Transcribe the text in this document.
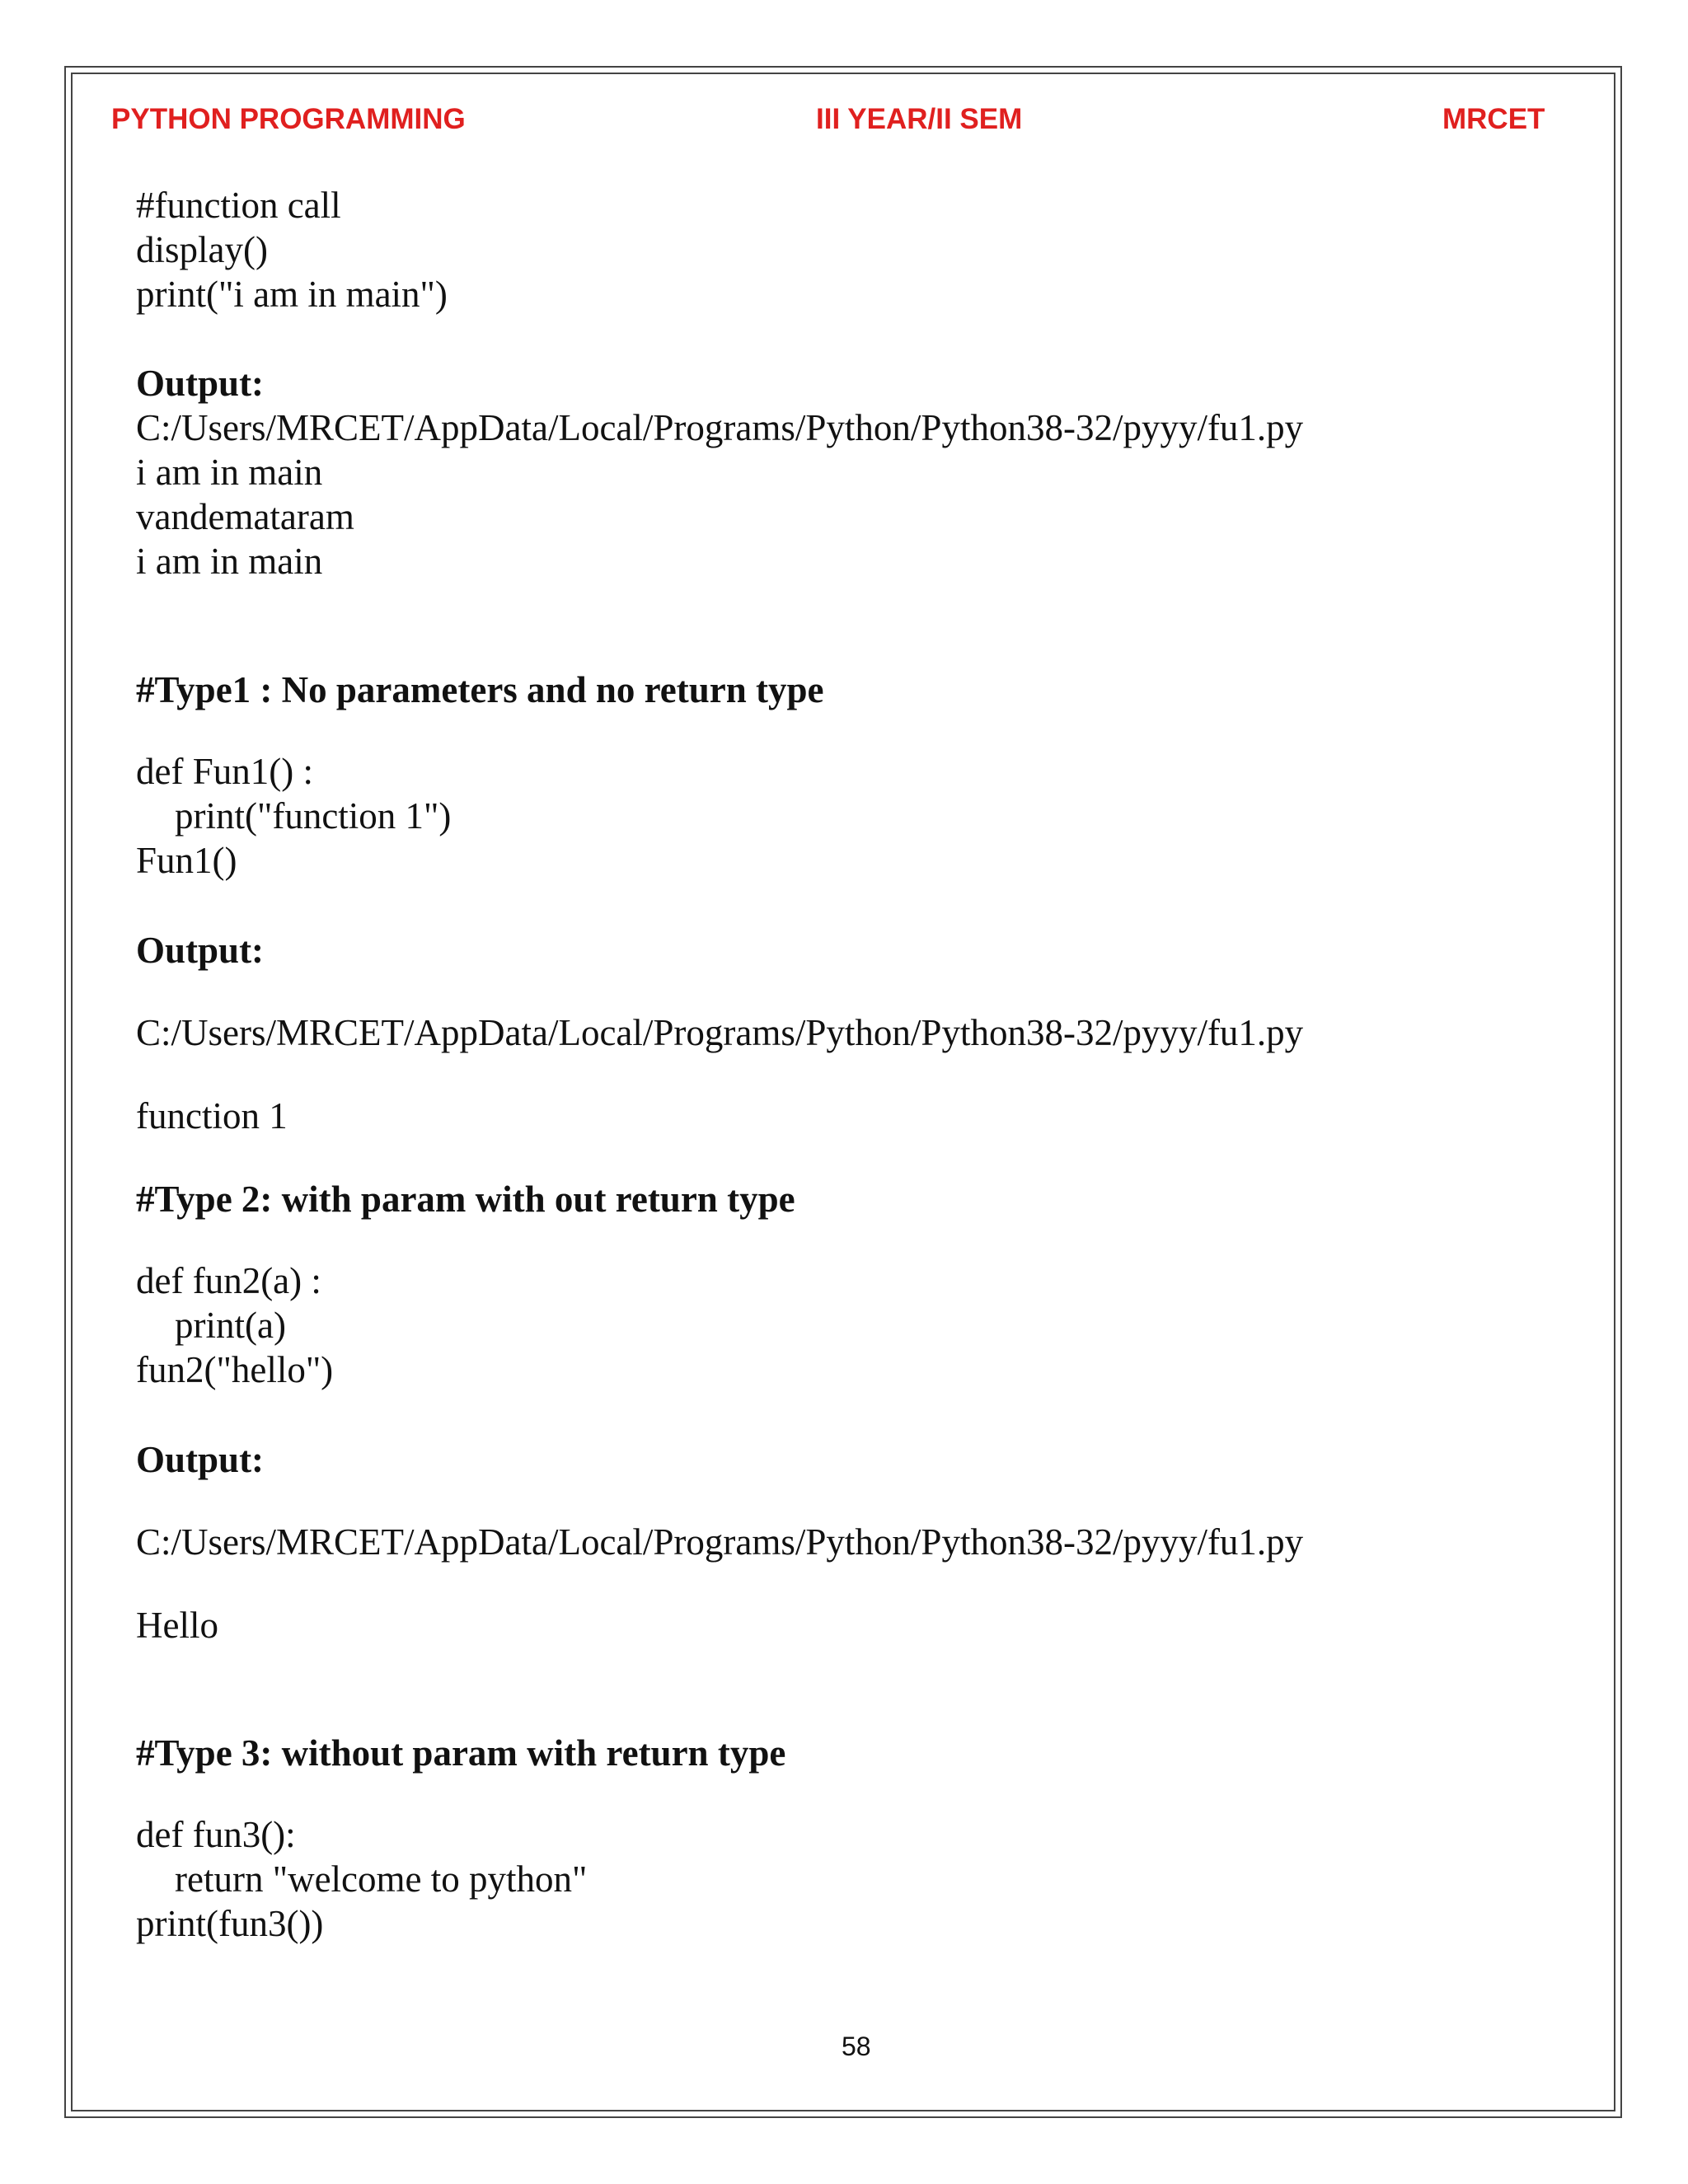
PYTHON PROGRAMMING	III YEAR/II SEM	MRCET
#function call
display()
print("i am in main")
Output:
C:/Users/MRCET/AppData/Local/Programs/Python/Python38-32/pyyy/fu1.py
i am in main
vandemataram
i am in main
#Type1 : No parameters and no return type
def Fun1() :
print("function 1")
Fun1()
Output:
C:/Users/MRCET/AppData/Local/Programs/Python/Python38-32/pyyy/fu1.py
function 1
#Type 2: with param with out return type
def fun2(a) :
print(a)
fun2("hello")
Output:
C:/Users/MRCET/AppData/Local/Programs/Python/Python38-32/pyyy/fu1.py
Hello
#Type 3: without param with return type
def fun3():
return "welcome to python"
print(fun3())
58
